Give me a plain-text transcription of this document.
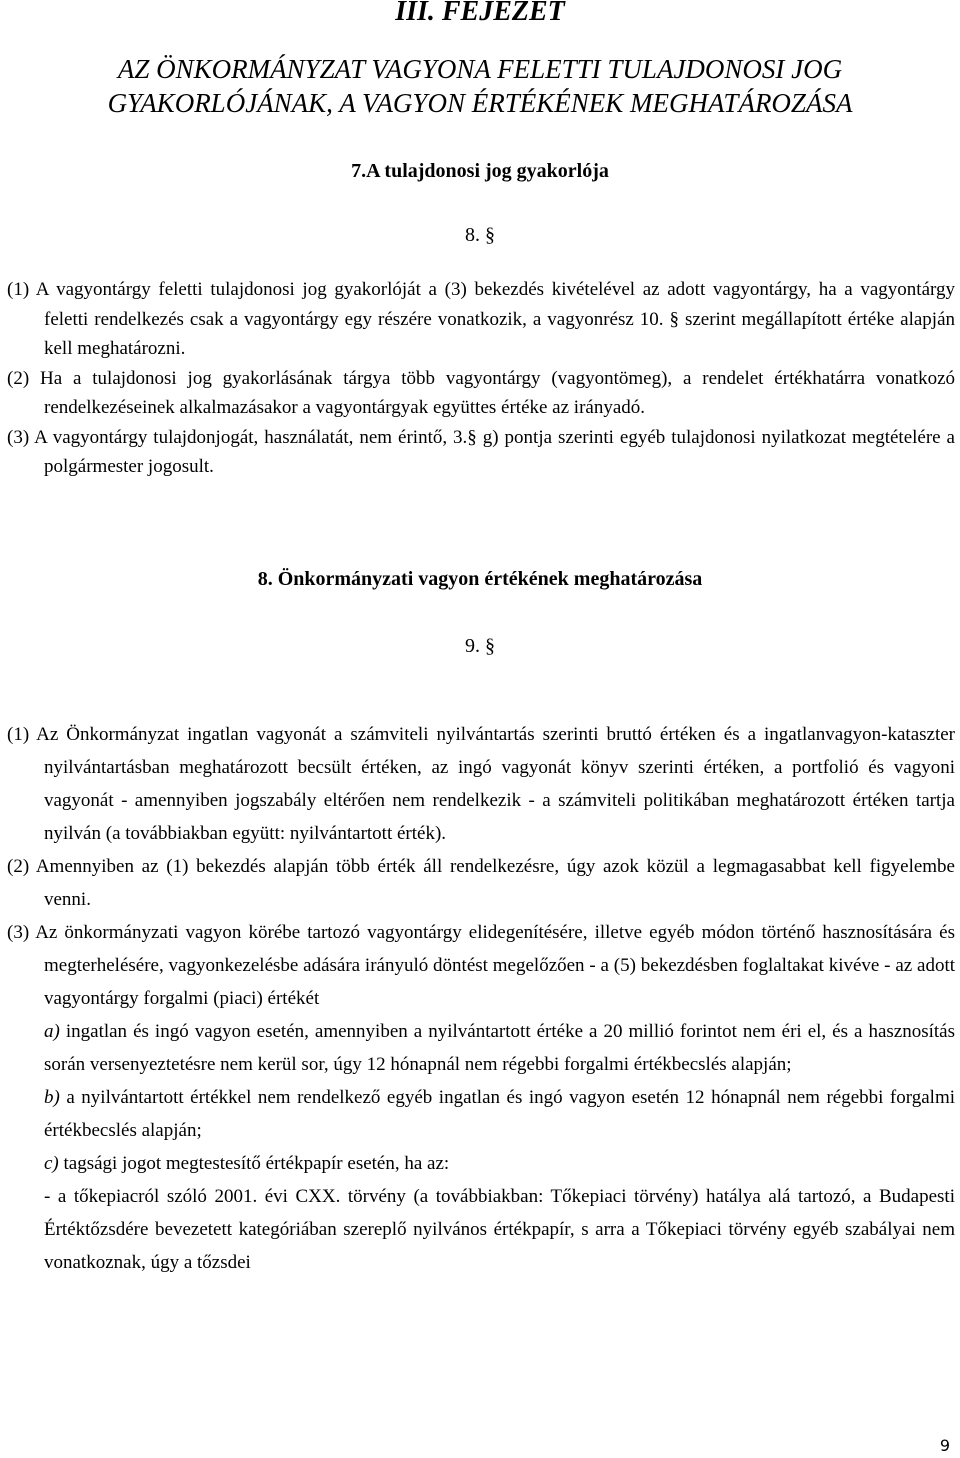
III. FEJEZET
AZ ÖNKORMÁNYZAT VAGYONA FELETTI TULAJDONOSI JOG
GYAKORLÓJÁNAK, A VAGYON ÉRTÉKÉNEK MEGHATÁROZÁSA
7.A tulajdonosi jog gyakorlója
8. §
(1) A vagyontárgy feletti tulajdonosi jog gyakorlóját a (3) bekezdés kivételével az adott vagyontárgy, ha a vagyontárgy feletti rendelkezés csak a vagyontárgy egy részére vonatkozik, a vagyonrész 10. § szerint megállapított értéke alapján kell meghatározni.
(2) Ha a tulajdonosi jog gyakorlásának tárgya több vagyontárgy (vagyontömeg), a rendelet értékhatárra vonatkozó rendelkezéseinek alkalmazásakor a vagyontárgyak együttes értéke az irányadó.
(3) A vagyontárgy tulajdonjogát, használatát, nem érintő, 3.§ g) pontja szerinti egyéb tulajdonosi nyilatkozat megtételére a polgármester jogosult.
8. Önkormányzati vagyon értékének meghatározása
9. §
(1) Az Önkormányzat ingatlan vagyonát a számviteli nyilvántartás szerinti bruttó értéken és a ingatlanvagyon-kataszter nyilvántartásban meghatározott becsült értéken, az ingó vagyonát könyv szerinti értéken, a portfolió és vagyoni vagyonát - amennyiben jogszabály eltérően nem rendelkezik - a számviteli politikában meghatározott értéken tartja nyilván (a továbbiakban együtt: nyilvántartott érték).
(2) Amennyiben az (1) bekezdés alapján több érték áll rendelkezésre, úgy azok közül a legmagasabbat kell figyelembe venni.
(3) Az önkormányzati vagyon körébe tartozó vagyontárgy elidegenítésére, illetve egyéb módon történő hasznosítására és megterhelésére, vagyonkezelésbe adására irányuló döntést megelőzően - a (5) bekezdésben foglaltakat kivéve - az adott vagyontárgy forgalmi (piaci) értékét
a) ingatlan és ingó vagyon esetén, amennyiben a nyilvántartott értéke a 20 millió forintot nem éri el, és a hasznosítás során versenyeztetésre nem kerül sor, úgy 12 hónapnál nem régebbi forgalmi értékbecslés alapján;
b) a nyilvántartott értékkel nem rendelkező egyéb ingatlan és ingó vagyon esetén 12 hónapnál nem régebbi forgalmi értékbecslés alapján;
c) tagsági jogot megtestesítő értékpapír esetén, ha az:
- a tőkepiacról szóló 2001. évi CXX. törvény (a továbbiakban: Tőkepiaci törvény) hatálya alá tartozó, a Budapesti Értéktőzsdére bevezetett kategóriában szereplő nyilvános értékpapír, s arra a Tőkepiaci törvény egyéb szabályai nem vonatkoznak, úgy a tőzsdei
9
